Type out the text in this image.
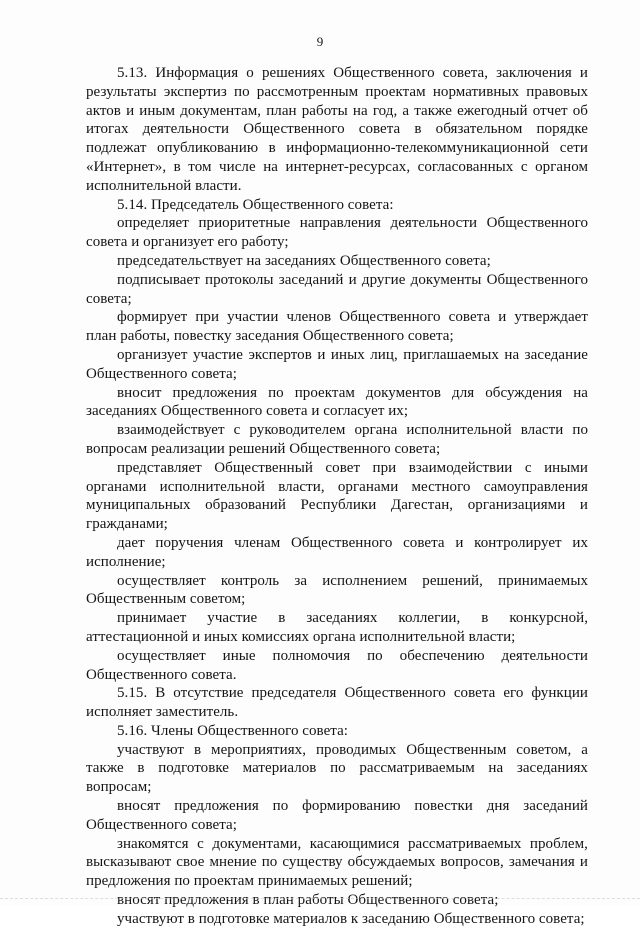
9

5.13. Информация о решениях Общественного совета, заключения и результаты экспертиз по рассмотренным проектам нормативных правовых актов и иным документам, план работы на год, а также ежегодный отчет об итогах деятельности Общественного совета в обязательном порядке подлежат опубликованию в информационно-телекоммуникационной сети «Интернет», в том числе на интернет-ресурсах, согласованных с органом исполнительной власти.

5.14. Председатель Общественного совета:

определяет приоритетные направления деятельности Общественного совета и организует его работу;

председательствует на заседаниях Общественного совета;

подписывает протоколы заседаний и другие документы Общественного совета;

формирует при участии членов Общественного совета и утверждает план работы, повестку заседания Общественного совета;

организует участие экспертов и иных лиц, приглашаемых на заседание Общественного совета;

вносит предложения по проектам документов для обсуждения на заседаниях Общественного совета и согласует их;

взаимодействует с руководителем органа исполнительной власти по вопросам реализации решений Общественного совета;

представляет Общественный совет при взаимодействии с иными органами исполнительной власти, органами местного самоуправления муниципальных образований Республики Дагестан, организациями и гражданами;

дает поручения членам Общественного совета и контролирует их исполнение;

осуществляет контроль за исполнением решений, принимаемых Общественным советом;

принимает участие в заседаниях коллегии, в конкурсной, аттестационной и иных комиссиях органа исполнительной власти;

осуществляет иные полномочия по обеспечению деятельности Общественного совета.

5.15. В отсутствие председателя Общественного совета его функции исполняет заместитель.

5.16. Члены Общественного совета:

участвуют в мероприятиях, проводимых Общественным советом, а также в подготовке материалов по рассматриваемым на заседаниях вопросам;

вносят предложения по формированию повестки дня заседаний Общественного совета;

знакомятся с документами, касающимися рассматриваемых проблем, высказывают свое мнение по существу обсуждаемых вопросов, замечания и предложения по проектам принимаемых решений;

вносят предложения в план работы Общественного совета;

участвуют в подготовке материалов к заседанию Общественного совета;
